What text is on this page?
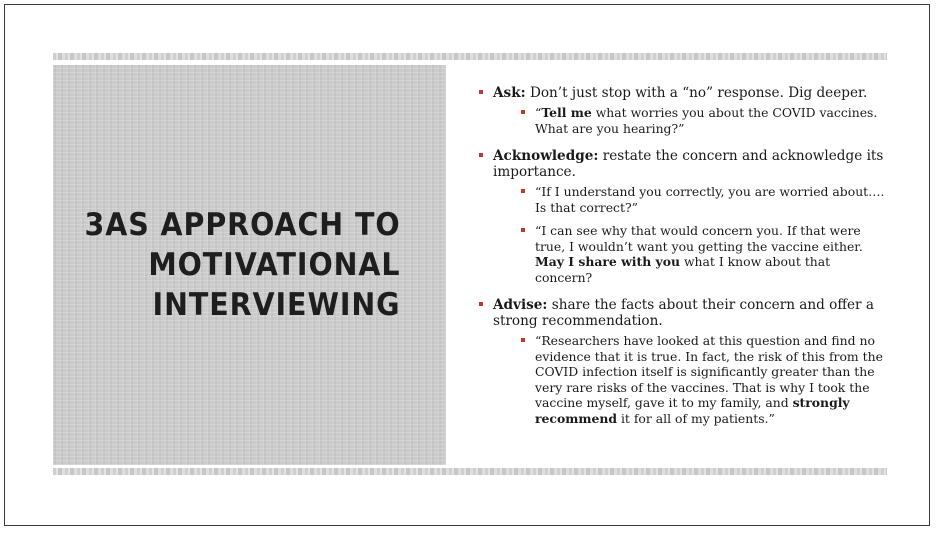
3AS APPROACH TO
MOTIVATIONAL
INTERVIEWING
Ask: Don’t just stop with a “no” response. Dig deeper.
“Tell me what worries you about the COVID vaccines. What are you hearing?”
Acknowledge: restate the concern and acknowledge its importance.
“If I understand you correctly, you are worried about…. Is that correct?”
“I can see why that would concern you. If that were true, I wouldn’t want you getting the vaccine either. May I share with you what I know about that concern?
Advise: share the facts about their concern and offer a strong recommendation.
“Researchers have looked at this question and find no evidence that it is true. In fact, the risk of this from the COVID infection itself is significantly greater than the very rare risks of the vaccines. That is why I took the vaccine myself, gave it to my family, and strongly recommend it for all of my patients.”
